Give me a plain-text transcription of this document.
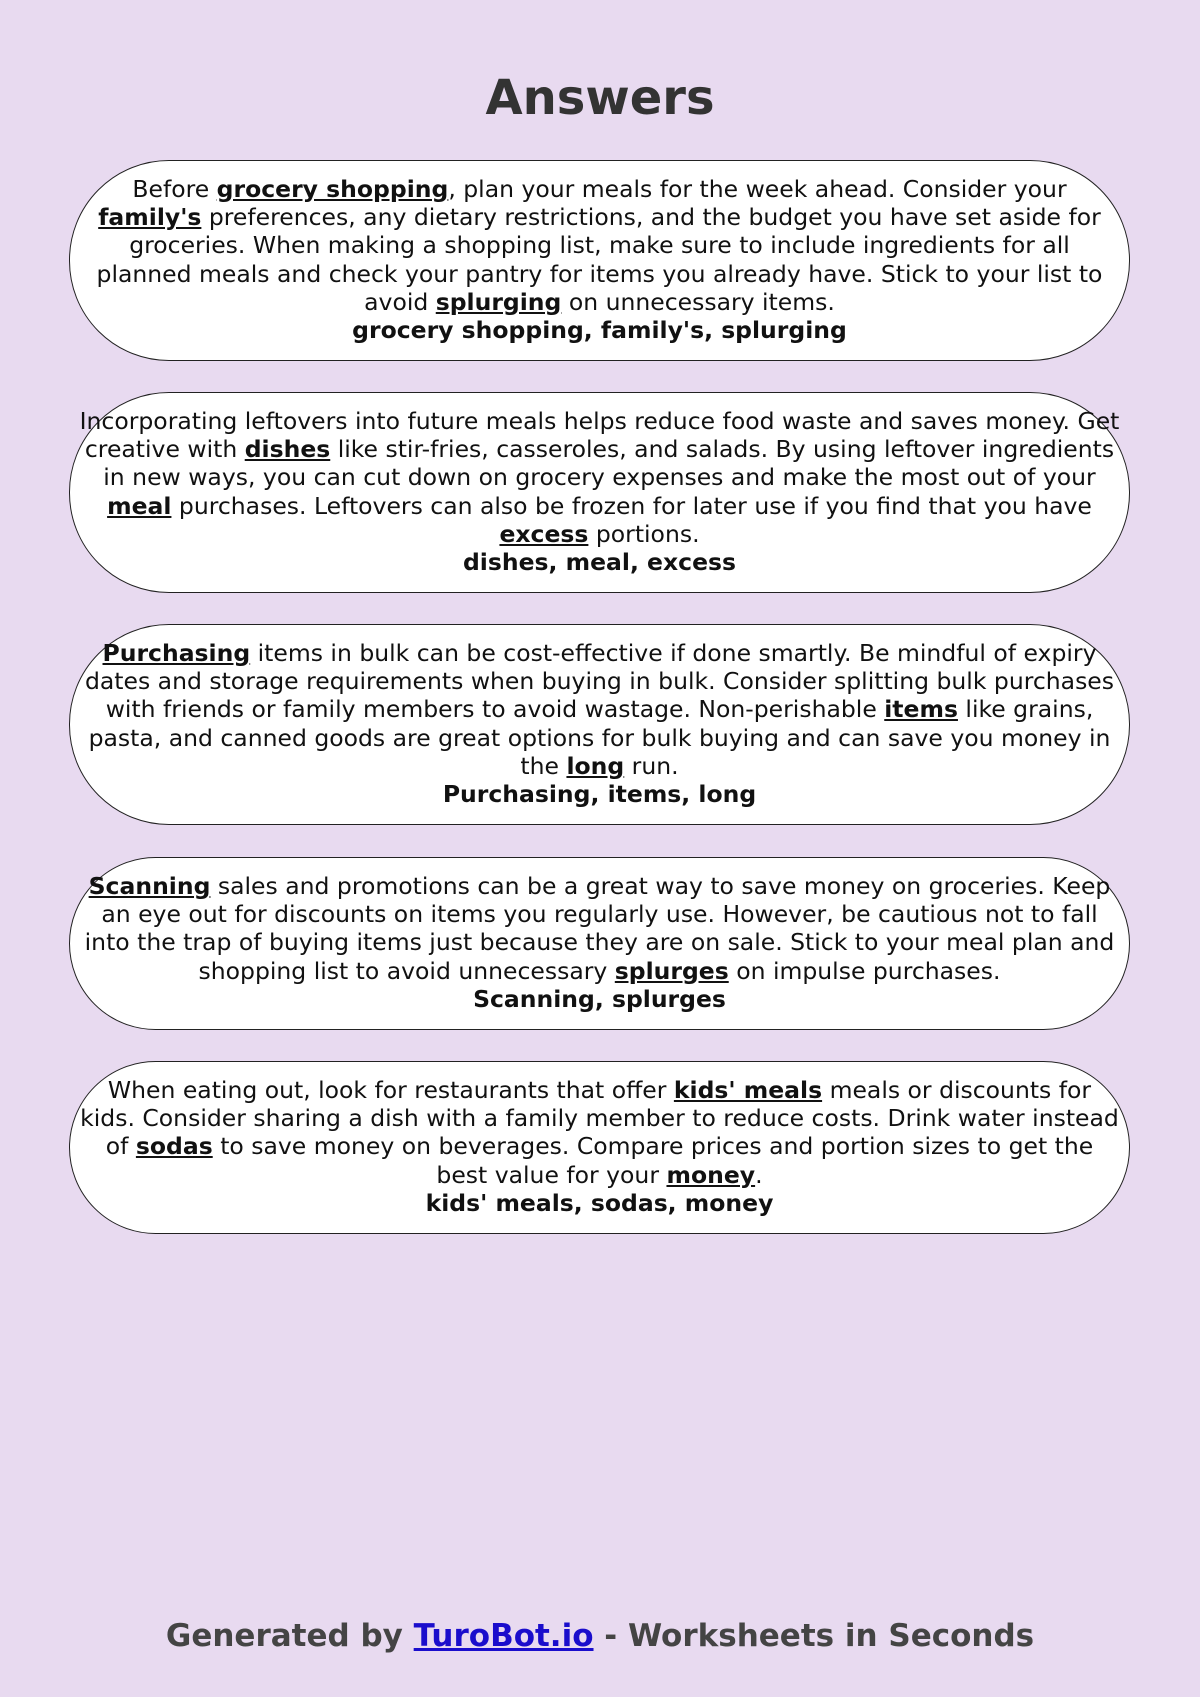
Answers
Before grocery shopping, plan your meals for the week ahead. Consider your family's preferences, any dietary restrictions, and the budget you have set aside for groceries. When making a shopping list, make sure to include ingredients for all planned meals and check your pantry for items you already have. Stick to your list to avoid splurging on unnecessary items.
grocery shopping, family's, splurging
Incorporating leftovers into future meals helps reduce food waste and saves money. Get creative with dishes like stir-fries, casseroles, and salads. By using leftover ingredients in new ways, you can cut down on grocery expenses and make the most out of your meal purchases. Leftovers can also be frozen for later use if you find that you have excess portions.
dishes, meal, excess
Purchasing items in bulk can be cost-effective if done smartly. Be mindful of expiry dates and storage requirements when buying in bulk. Consider splitting bulk purchases with friends or family members to avoid wastage. Non-perishable items like grains, pasta, and canned goods are great options for bulk buying and can save you money in the long run.
Purchasing, items, long
Scanning sales and promotions can be a great way to save money on groceries. Keep an eye out for discounts on items you regularly use. However, be cautious not to fall into the trap of buying items just because they are on sale. Stick to your meal plan and shopping list to avoid unnecessary splurges on impulse purchases.
Scanning, splurges
When eating out, look for restaurants that offer kids' meals meals or discounts for kids. Consider sharing a dish with a family member to reduce costs. Drink water instead of sodas to save money on beverages. Compare prices and portion sizes to get the best value for your money.
kids' meals, sodas, money
Generated by TuroBot.io - Worksheets in Seconds
